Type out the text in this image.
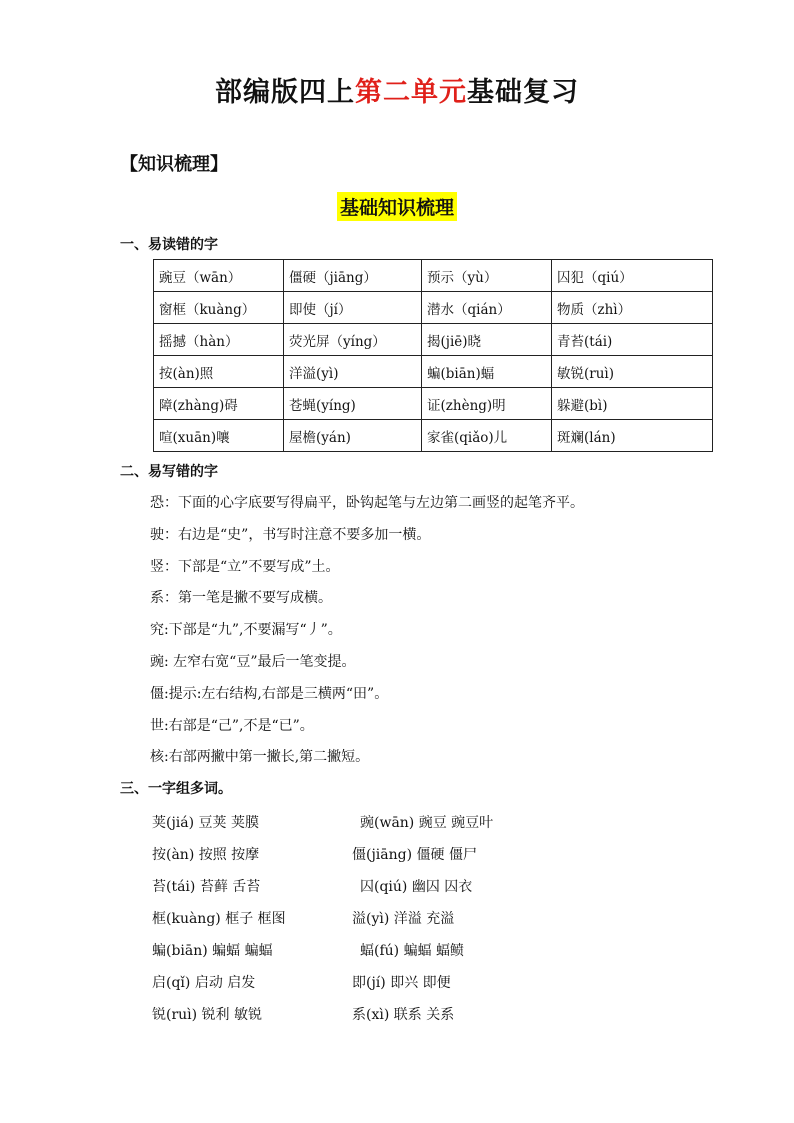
部编版四上第二单元基础复习
【知识梳理】
基础知识梳理
一、易读错的字
豌豆（wān）	僵硬（jiāng）	预示（yù）	囚犯（qiú）
窗框（kuàng）	即使（jí）	潜水（qián）	物质（zhì）
摇撼（hàn）	荧光屏（yíng）	揭(jiē)晓	青苔(tái)
按(àn)照	洋溢(yì)	蝙(biān)蝠	敏锐(ruì)
障(zhàng)碍	苍蝇(yíng)	证(zhèng)明	躲避(bì)
喧(xuān)嚷	屋檐(yán)	家雀(qiǎo)儿	斑斓(lán)
二、易写错的字
恐：下面的心字底要写得扁平，卧钩起笔与左边第二画竖的起笔齐平。
驶：右边是“史”，书写时注意不要多加一横。
竖：下部是“立”不要写成”土。
系：第一笔是撇不要写成横。
究:下部是“九”,不要漏写“丿”。
豌: 左窄右宽“豆”最后一笔变提。
僵:提示:左右结构,右部是三横两“田”。
世:右部是“己”,不是“已”。
核:右部两撇中第一撇长,第二撇短。
三、一字组多词。
荚(jiá) 豆荚 荚膜	豌(wān) 豌豆 豌豆叶
按(àn) 按照 按摩	僵(jiāng) 僵硬 僵尸
苔(tái) 苔藓 舌苔	囚(qiú) 幽囚 囚衣
框(kuàng) 框子 框图	溢(yì) 洋溢 充溢
蝙(biān) 蝙蝠 蝙蝠	蝠(fú) 蝙蝠 蝠鲼
启(qǐ) 启动 启发	即(jí) 即兴 即便
锐(ruì) 锐利 敏锐	系(xì) 联系 关系
